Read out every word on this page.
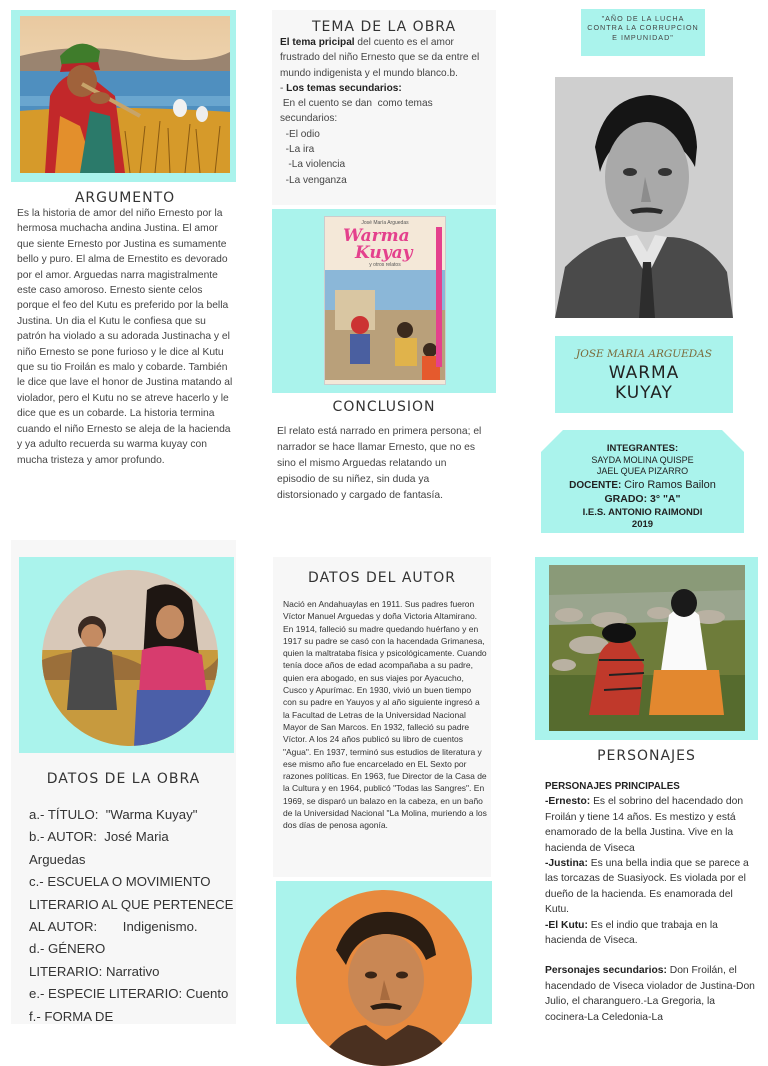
ARGUMENTO
Es la historia de amor del niño Ernesto por la hermosa muchacha andina Justina. El amor que siente Ernesto por Justina es sumamente bello y puro. El alma de Ernestito es devorado por el amor. Arguedas narra magistralmente este caso amoroso. Ernesto siente celos porque el feo del Kutu es preferido por la bella Justina. Un dia el Kutu le confiesa que su patrón ha violado a su adorada Justinacha y el niño Ernesto se pone furioso y le dice al Kutu que su tio Froilán es malo y cobarde. También le dice que lave el honor de Justina matando al violador, pero el Kutu no se atreve hacerlo y le dice que es un cobarde. La historia termina cuando el niño Ernesto se aleja de la hacienda y ya adulto recuerda su warma kuyay con mucha tristeza y amor profundo.
TEMA DE LA OBRA

El tema pricipal del cuento es el amor frustrado del niño Ernesto que se da entre el mundo indigenista y el mundo blanco.b.

- Los temas secundarios:

En el cuento se dan  como temas secundarios:

-El odio

-La ira

-La violencia

-La venganza

José María Arguedas
Warma
Kuyay
y otros relatos
CONCLUSION
El relato está narrado en primera persona; el narrador se hace llamar Ernesto, que no es sino el mismo Arguedas relatando un episodio de su niñez, sin duda ya distorsionado y cargado de fantasía.
"AÑO DE LA LUCHA CONTRA LA CORRUPCION E IMPUNIDAD"
JOSE MARIA ARGUEDAS
WARMA
KUYAY
INTEGRANTES:
SAYDA MOLINA QUISPE
JAEL QUEA PIZARRO
DOCENTE: Ciro Ramos Bailon
GRADO: 3° "A"
I.E.S. ANTONIO RAIMONDI
2019
DATOS DE LA OBRA
a.- TÍTULO:  "Warma Kuyay"
b.- AUTOR:  José Maria
Arguedas
c.- ESCUELA O MOVIMIENTO
LITERARIO AL QUE PERTENECE
AL AUTOR:       Indigenismo.
d.- GÉNERO
LITERARIO: Narrativo
e.- ESPECIE LITERARIO: Cuento
f.- FORMA DE
DATOS DEL AUTOR
Nació en Andahuaylas en 1911. Sus padres fueron Víctor Manuel Arguedas y doña Victoria Altamirano. En 1914, falleció su madre quedando huérfano y en 1917 su padre se casó con la hacendada Grimanesa, quien la maltrataba física y psicológicamente. Cuando tenía doce años de edad acompañaba a su padre, quien era abogado, en sus viajes por Ayacucho, Cusco y Apurímac. En 1930, vivió un buen tiempo con su padre en Yauyos y al año siguiente ingresó a la Facultad de Letras de la Universidad Nacional Mayor de San Marcos. En 1932, falleció su padre Víctor. A los 24 años publicó su libro de cuentos "Agua". En 1937, terminó sus estudios de literatura y ese mismo año fue encarcelado en EL Sexto por razones políticas. En 1963, fue Director de la Casa de la Cultura y en 1964, publicó "Todas las Sangres". En 1969, se disparó un balazo en la cabeza, en un baño de la Universidad Nacional "La Molina, muriendo a los dos días de penosa agonía.
PERSONAJES

PERSONAJES PRINCIPALES

-Ernesto: Es el sobrino del hacendado don Froilán y tiene 14 años. Es mestizo y está enamorado de la bella Justina. Vive en la hacienda de Viseca

-Justina: Es una bella india que se parece a las torcazas de Suasiyock. Es violada por el dueño de la hacienda. Es enamorada del Kutu.

-El Kutu: Es el indio que trabaja en la hacienda de Viseca.

Personajes secundarios: Don Froilán, el hacendado de Viseca violador de Justina-Don Julio, el charanguero.-La Gregoria, la cocinera-La Celedonia-La
